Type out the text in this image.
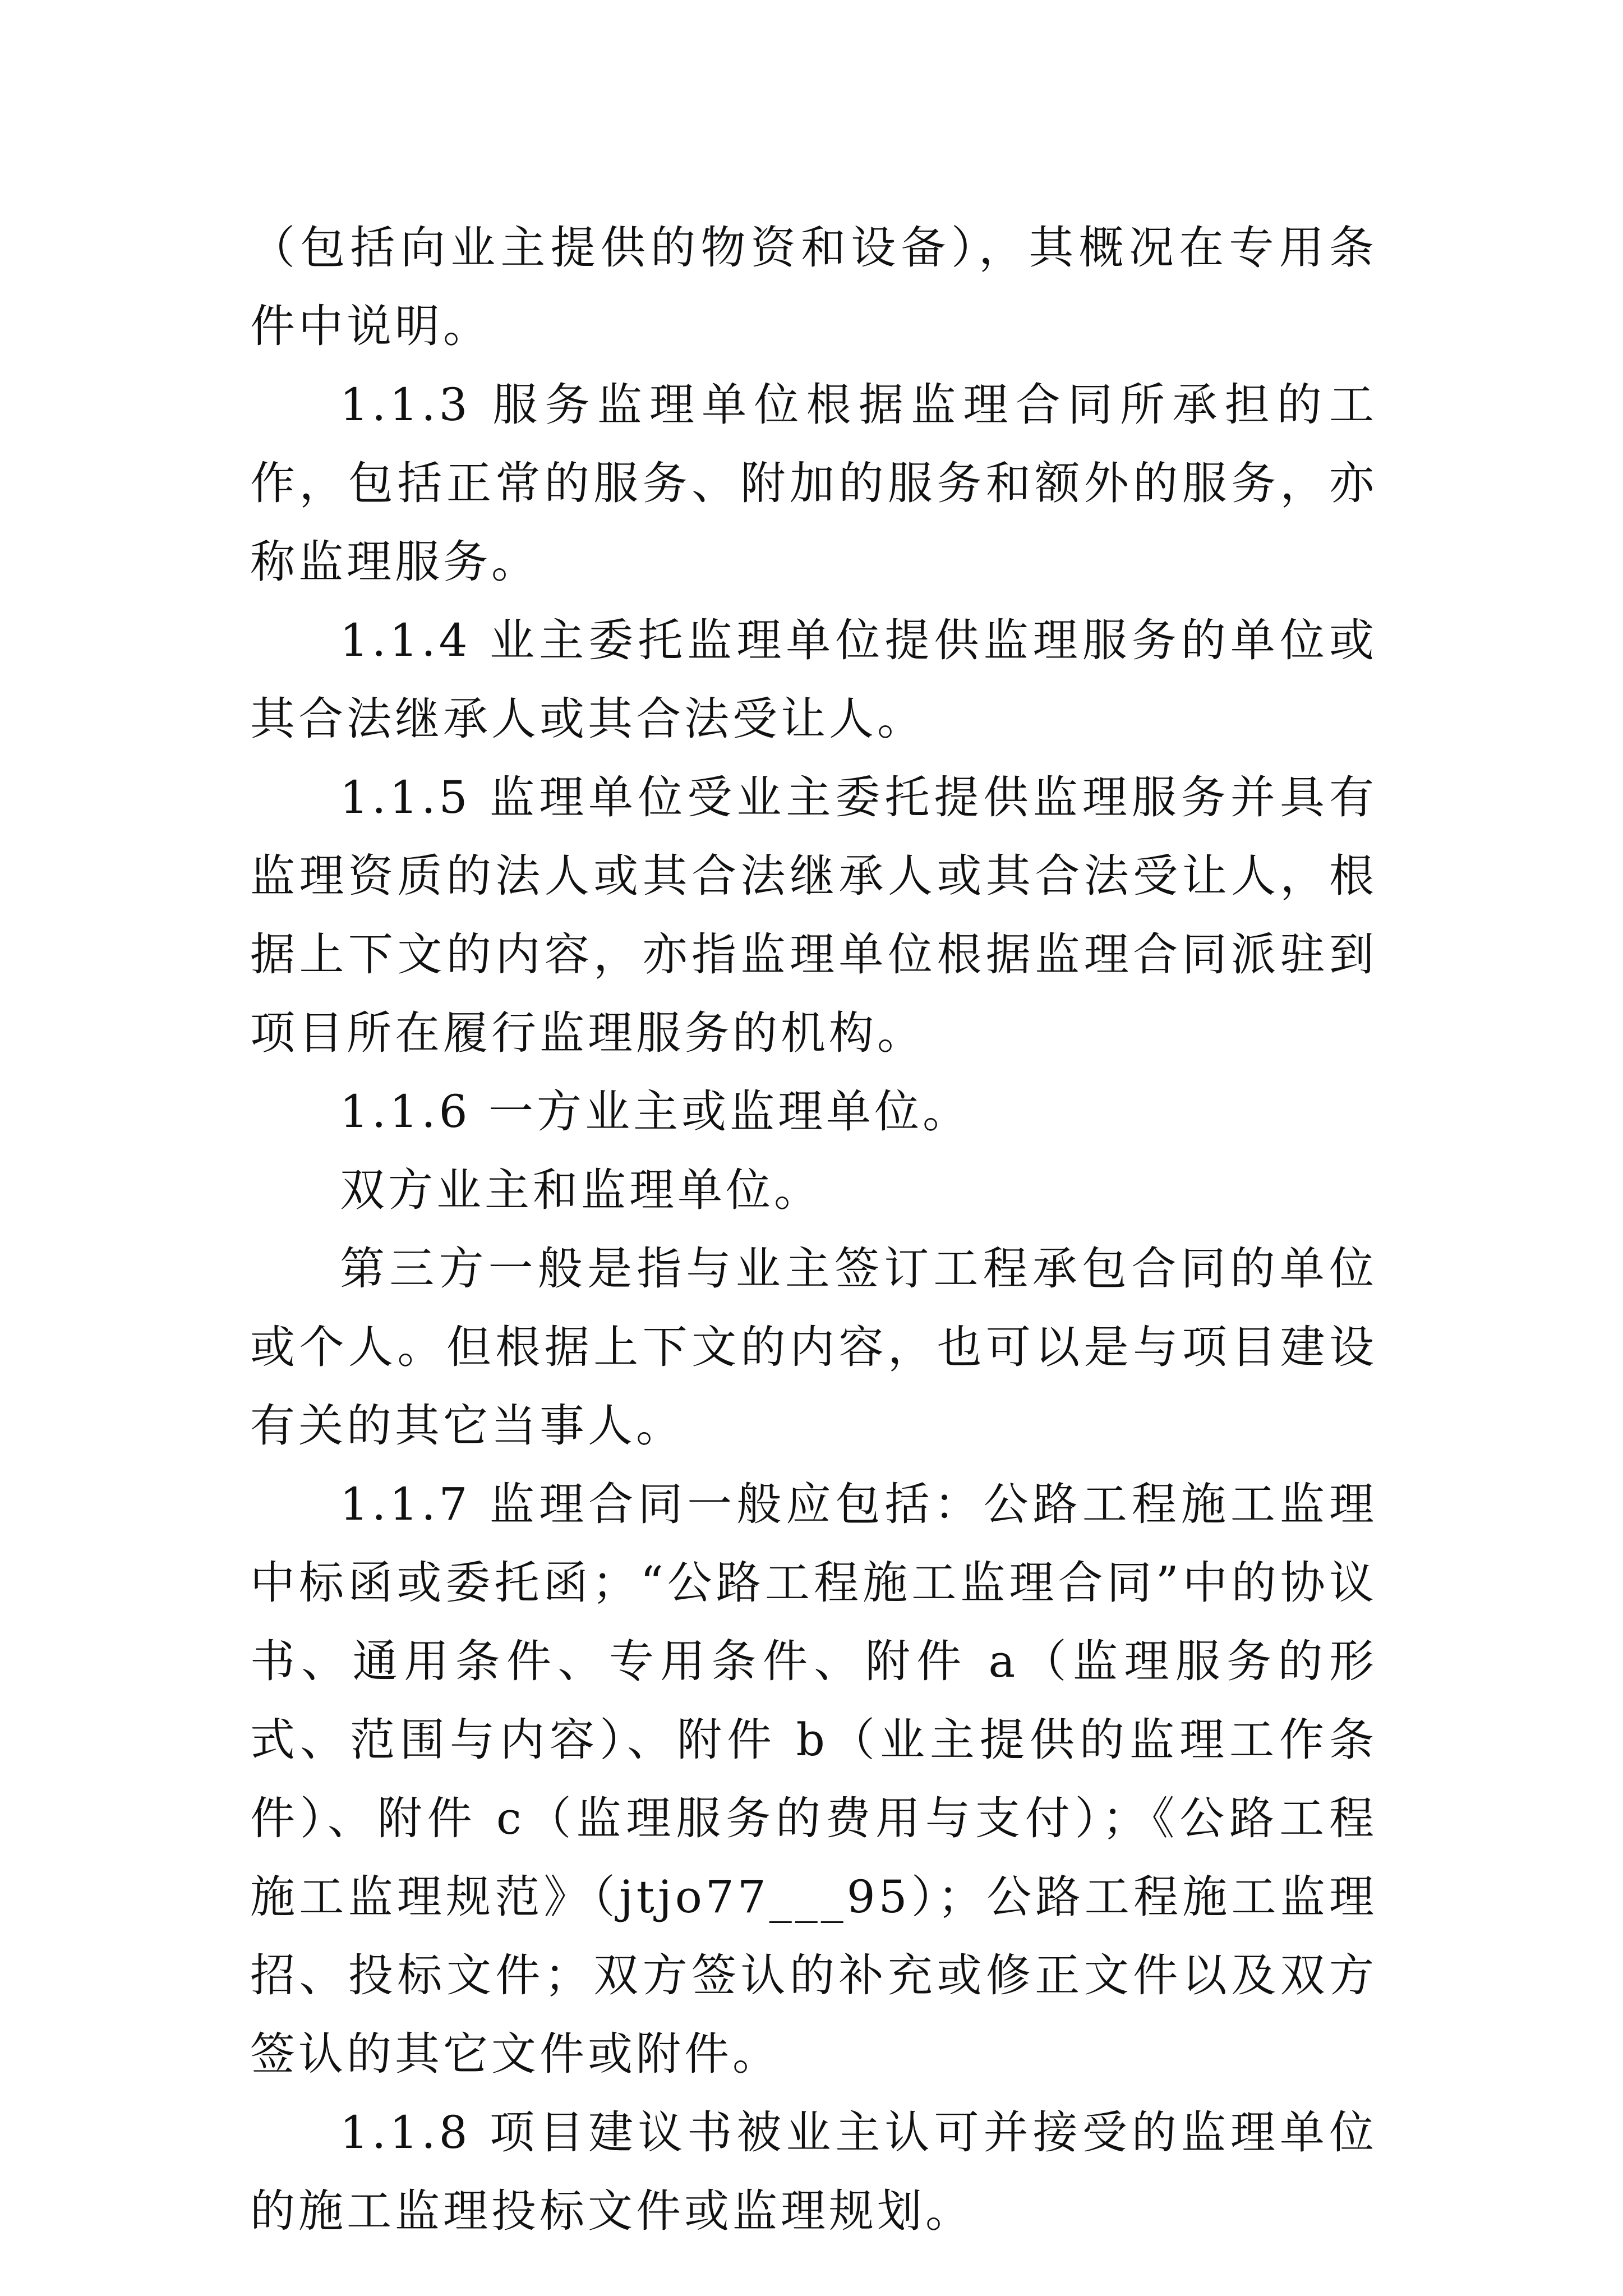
（包括向业主提供的物资和设备），其概况在专用条件中说明。

1.1.3 服务监理单位根据监理合同所承担的工作，包括正常的服务、附加的服务和额外的服务，亦称监理服务。

1.1.4 业主委托监理单位提供监理服务的单位或其合法继承人或其合法受让人。

1.1.5 监理单位受业主委托提供监理服务并具有监理资质的法人或其合法继承人或其合法受让人，根据上下文的内容，亦指监理单位根据监理合同派驻到项目所在履行监理服务的机构。

1.1.6 一方业主或监理单位。

双方业主和监理单位。

第三方一般是指与业主签订工程承包合同的单位或个人。但根据上下文的内容，也可以是与项目建设有关的其它当事人。

1.1.7 监理合同一般应包括：公路工程施工监理中标函或委托函；“公路工程施工监理合同”中的协议书、通用条件、专用条件、附件 a（监理服务的形式、范围与内容）、附件 b（业主提供的监理工作条件）、附件 c（监理服务的费用与支付）；《公路工程施工监理规范》（jtjo77___95）；公路工程施工监理招、投标文件；双方签认的补充或修正文件以及双方签认的其它文件或附件。

1.1.8 项目建议书被业主认可并接受的监理单位的施工监理投标文件或监理规划。
